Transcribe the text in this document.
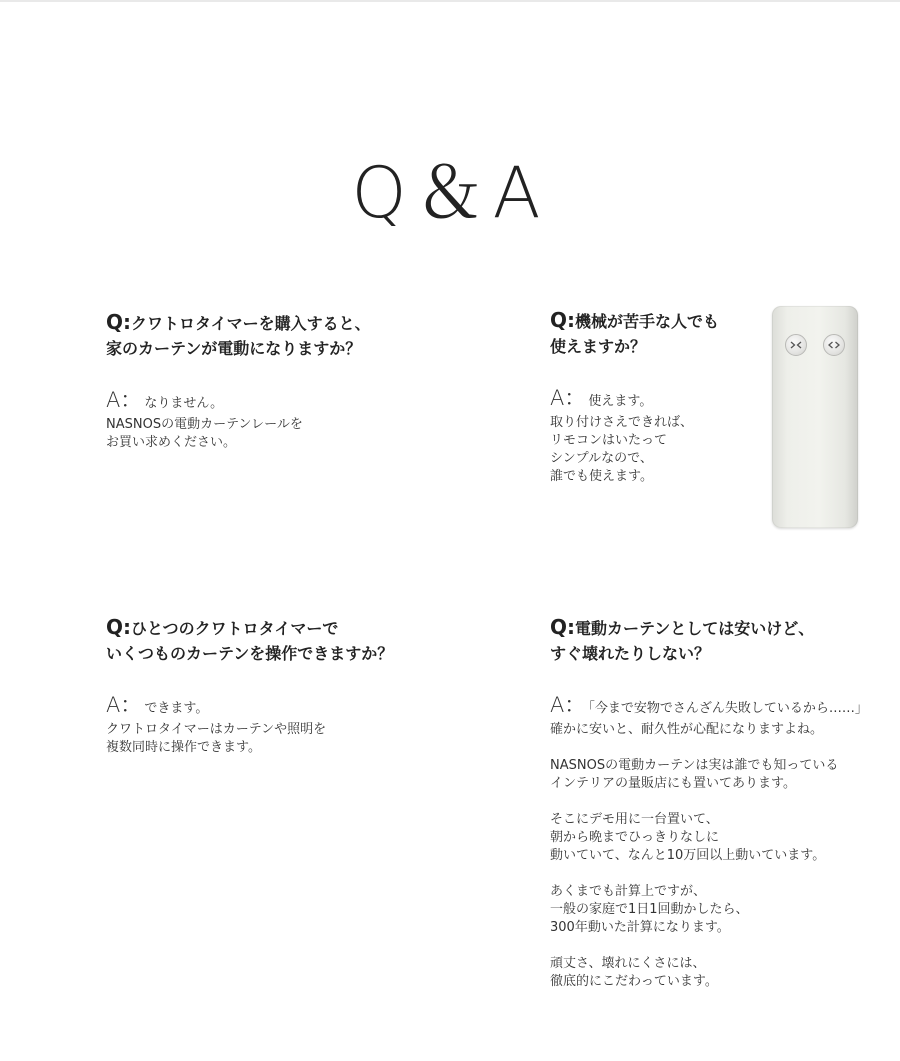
Q＆A
Q:クワトロタイマーを購入すると、
家のカーテンが電動になりますか？
A： なりません。
NASNOSの電動カーテンレールを
お買い求めください。
Q:機械が苦手な人でも
使えますか？
A： 使えます。
取り付けさえできれば、
リモコンはいたって
シンプルなので、
誰でも使えます。
Q:ひとつのクワトロタイマーで
いくつものカーテンを操作できますか？
A： できます。
クワトロタイマーはカーテンや照明を
複数同時に操作できます。
Q:電動カーテンとしては安いけど、
すぐ壊れたりしない？
A： 「今まで安物でさんざん失敗しているから……」
確かに安いと、耐久性が心配になりますよね。
NASNOSの電動カーテンは実は誰でも知っている
インテリアの量販店にも置いてあります。
そこにデモ用に一台置いて、
朝から晩までひっきりなしに
動いていて、なんと10万回以上動いています。
あくまでも計算上ですが、
一般の家庭で1日1回動かしたら、
300年動いた計算になります。
頑丈さ、壊れにくさには、
徹底的にこだわっています。
